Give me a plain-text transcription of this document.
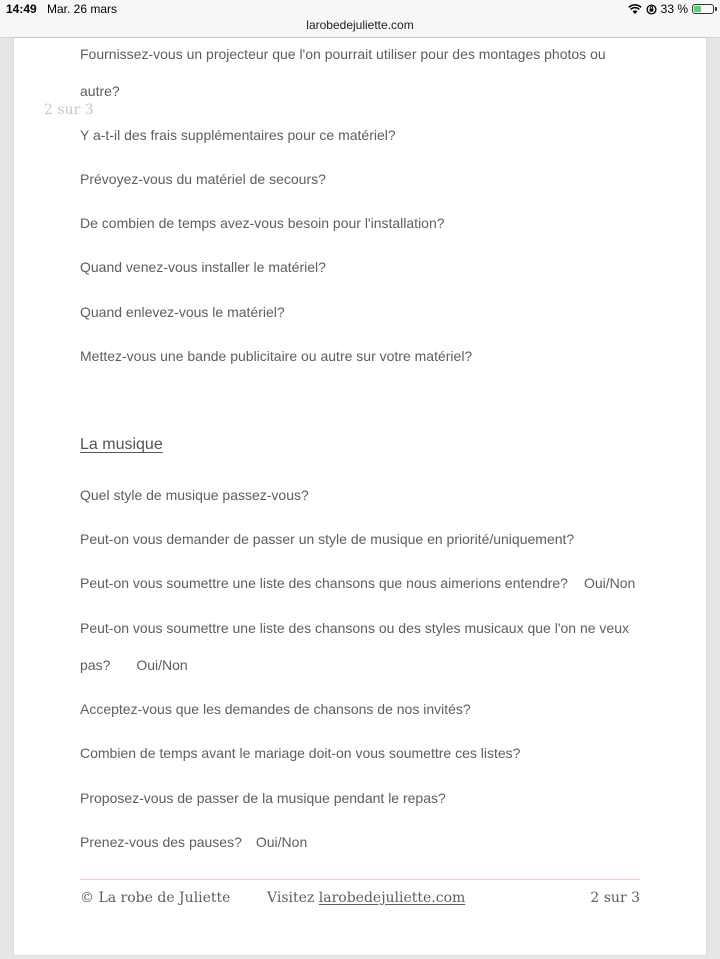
14:49 Mar. 26 mars
larobedejuliette.com
33 %
2 sur 3
Fournissez-vous un projecteur que l'on pourrait utiliser pour des montages photos ou
autre?
Y a-t-il des frais supplémentaires pour ce matériel?
Prévoyez-vous du matériel de secours?
De combien de temps avez-vous besoin pour l'installation?
Quand venez-vous installer le matériel?
Quand enlevez-vous le matériel?
Mettez-vous une bande publicitaire ou autre sur votre matériel?
La musique
Quel style de musique passez-vous?
Peut-on vous demander de passer un style de musique en priorité/uniquement?
Peut-on vous soumettre une liste des chansons que nous aimerions entendre? Oui/Non
Peut-on vous soumettre une liste des chansons ou des styles musicaux que l'on ne veux
pas? Oui/Non
Acceptez-vous que les demandes de chansons de nos invités?
Combien de temps avant le mariage doit-on vous soumettre ces listes?
Proposez-vous de passer de la musique pendant le repas?
Prenez-vous des pauses? Oui/Non
© La robe de Juliette	Visitez larobedejuliette.com	2 sur 3
